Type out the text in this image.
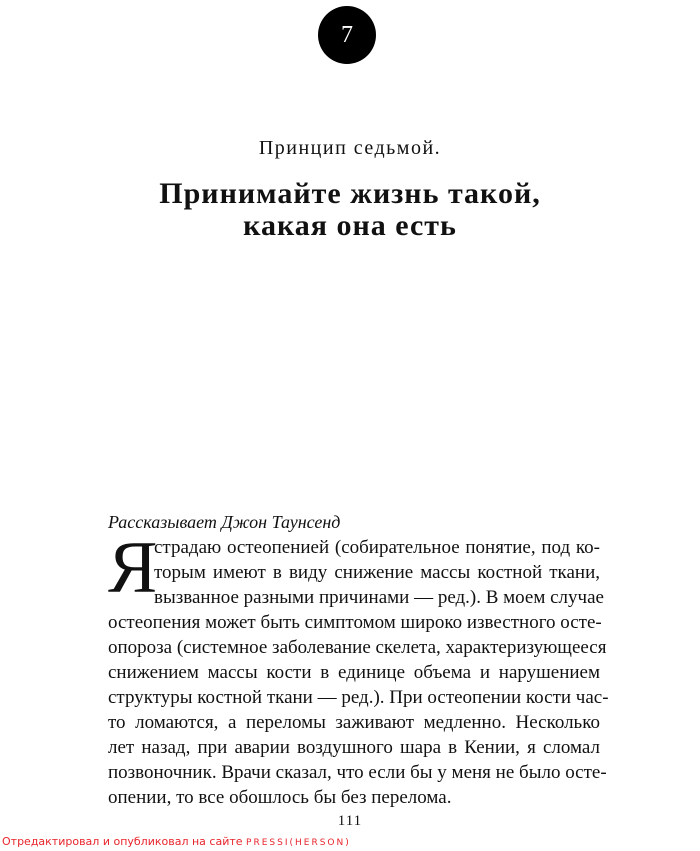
7
Принцип седьмой.
Принимайте жизнь такой,
какая она есть
Рассказывает Джон Таунсенд
Я
страдаю остеопенией (собирательное понятие, под ко-
торым имеют в виду снижение массы костной ткани,
вызванное разными причинами — ред.). В моем случае
остеопения может быть симптомом широко известного осте-
опороза (системное заболевание скелета, характеризующееся
снижением массы кости в единице объема и нарушением
структуры костной ткани — ред.). При остеопении кости час-
то ломаются, а переломы заживают медленно. Несколько
лет назад, при аварии воздушного шара в Кении, я сломал
позвоночник. Врачи сказал, что если бы у меня не было осте-
опении, то все обошлось бы без перелома.
111
Отредактировал и опубликовал на сайте PRESSI(HERSON)
